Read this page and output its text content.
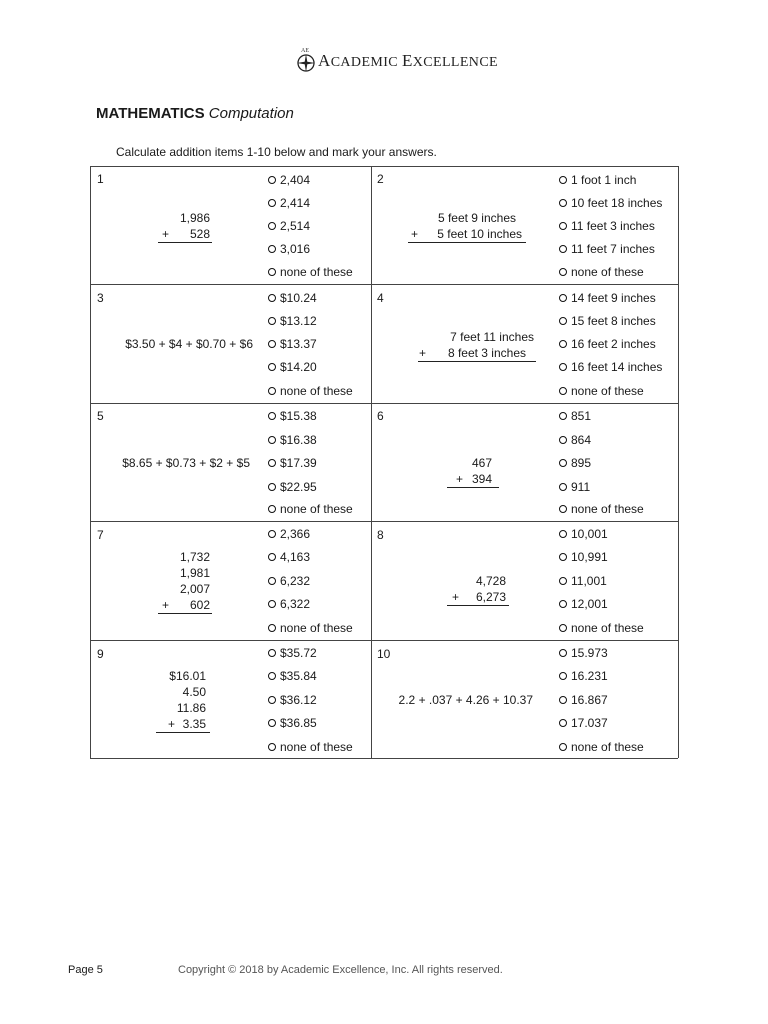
AE ACADEMIC EXCELLENCE
MATHEMATICS Computation
Calculate addition items 1-10 below and mark your answers.
1
1,986
+ 528
2
5 feet 9 inches
+ 5 feet 10 inches
3
$3.50 + $4 + $0.70 + $6
4
7 feet 11 inches
+ 8 feet 3 inches
5
$8.65 + $0.73 + $2 + $5
6
467
+ 394
7
1,732
1,981
2,007
+ 602
8
4,728
+ 6,273
9
$16.01
4.50
11.86
+ 3.35
10
2.2 + .037 + 4.26 + 10.37
2,404
2,414
2,514
3,016
none of these
$10.24
$13.12
$13.37
$14.20
none of these
$15.38
$16.38
$17.39
$22.95
none of these
2,366
4,163
6,232
6,322
none of these
$35.72
$35.84
$36.12
$36.85
none of these
1 foot 1 inch
10 feet 18 inches
11 feet 3 inches
11 feet 7 inches
none of these
14 feet 9 inches
15 feet 8 inches
16 feet 2 inches
16 feet 14 inches
none of these
851
864
895
911
none of these
10,001
10,991
11,001
12,001
none of these
15.973
16.231
16.867
17.037
none of these
Page 5	Copyright © 2018 by Academic Excellence, Inc. All rights reserved.
